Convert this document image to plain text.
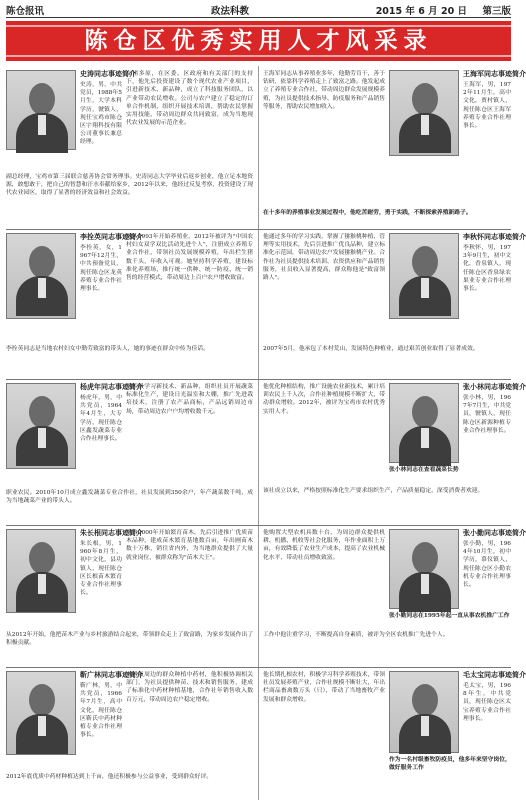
陈仓报讯	政法科教	2015 年 6 月 20 日 第三版
陈仓区优秀实用人才风采录
史涛同志事迹简介
史涛，男，中共党员，1988年5月生，大学本科学历，虢镇人，现任宝鸡市陈仓区宇翔科技有限公司董事长兼总经理。
交诸多原，在区委、区政府和有关部门的支持下，他先后投资建设了数个现代农业产业项目，引进新技术、新品种，成立了科技服务团队，以产业带动农民增收。公司与农户建立了稳定的订单合作机制，组织开展技术培训，帮助农民掌握实用技能，带动周边群众共同致富，成为当地现代农业发展的示范企业。
副总经理，宝鸡市第三届联合慈善协会常务理事。史涛同志大学毕业后返乡创业，他立足本地资源，敢想敢干，把自己的智慧和汗水奉献给家乡，2012年以来，他经过反复考察，投资建设了现代农业园区，取得了显著的经济效益和社会效益。
王海军同志从事养殖业多年，他勤劳肯干，善于钻研，依靠科学养殖走上了致富之路。他发起成立了养殖专业合作社，带动周边群众发展规模养殖，为社员提供技术指导、防疫服务和产品销售等服务，帮助农民增加收入。
王海军同志事迹简介
王海军，男，1972年11月生，高中文化，贾村镇人，现任陈仓区王海军养殖专业合作社理事长。
在十多年的养殖事业发展过程中，他吃苦耐劳，勇于实践，不断探索养殖新路子。
李拴英同志事迹简介
李拴英，女，1967年12月生，中共预备党员，现任陈仓区龙英养殖专业合作社理事长。
她从1993年开始养殖业，2012年被评为"中国农村妇女双学双比活动先进个人"，注册成立养殖专业合作社，带领社员发展规模养殖，年出栏生猪数千头，年收入可观。她坚持科学养殖，建设标准化养殖场，推行统一供种、统一防疫、统一销售的经营模式，带动周边上百户农户增收致富。
李拴英同志是当地农村妇女中勤劳致富的带头人，她的事迹在群众中传为佳话。
他通过多年的学习实践，掌握了猕猴桃种植、管理等实用技术，先后引进推广优良品种，建立标准化示范园，带动周边农户发展猕猴桃产业。合作社为社员提供技术培训、农资供应和产品销售服务，社员收入显著提高，群众称他是"致富领路人"。
李秋怀同志事迹简介
李秋怀，男，1973年9月生，初中文化，香泉镇人，现任陈仓区香泉绿农果业专业合作社理事长。
2007年5月，他承包了本村荒山，发展特色种植业，通过艰苦创业取得了显著成效。
杨虎年同志事迹简介
杨虎年，男，中共党员，1964年4月生，大专学历，现任陈仓区鑫发蔬菜专业合作社理事长。
他积极学习新技术、新品种，组织社员开展蔬菜标准化生产，建设日光温室和大棚，推广先进栽培技术，注册了农产品商标，产品远销周边市场，带动周边农户户均增收数千元。
职业农民。2010年10月成立鑫发蔬菜专业合作社，社员发展到350余户，年产蔬菜数千吨，成为当地蔬菜产业的带头人。
他优化种植结构，推广设施农业新技术，累计培训农民上千人次，合作社种植规模不断扩大，带动群众增收。2012年，被评为宝鸡市农村优秀实用人才。
张小林同志事迹简介
张小林，男，1967年7月生，中共党员，虢镇人，现任陈仓区新源种植专业合作社理事长。
张小林同志在查看蔬菜长势
该社成立以来，严格按照标准化生产要求组织生产，产品质量稳定，深受消费者欢迎。
朱长根同志事迹简介
朱长根，男，1960年8月生，初中文化，县功镇人，现任陈仓区长根苗木繁育专业合作社理事长。
他自2000年开始繁育苗木，先后引进推广优质苗木品种，建成苗木繁育基地数百亩，年出圃苗木数十万株，销往省内外，为当地群众提供了大量就业岗位，被群众称为"苗木大王"。
从2012年开始，他把苗木产业与乡村旅游结合起来，带领群众走上了致富路，为家乡发展作出了积极贡献。
他购置大型农机具数十台，为周边群众提供机耕、机播、机收等社会化服务，年作业面积上万亩，有效降低了农业生产成本，提高了农业机械化水平，带动社员增收致富。
张小勤同志事迹简介
张小勤，男，1964年10月生，初中学历，慕仪镇人，现任陈仓区小勤农机专业合作社理事长。
张小勤同志在1995年起一直从事农机推广工作
工作中他注重学习，不断提高自身素质，被评为全区农机推广先进个人。
靳广林同志事迹简介
靳广林，男，中共党员，1966年7月生，高中文化，现任陈仓区靳氏中药材种植专业合作社理事长。
本村及周边的群众种植中药材，他积极协调相关部门，为社员提供种苗、技术和销售服务，建成了标准化中药材种植基地，合作社年销售收入数百万元，带动周边农户稳定增收。
2012年底优质中药材种植达到上千亩，他还积极参与公益事业，受到群众好评。
他长期扎根农村，积极学习科学养殖技术，带领社员发展养殖产业，合作社规模不断壮大，年出栏商品畜禽数万头（只），带动了当地畜牧产业发展和群众增收。
毛太宝同志事迹简介
毛太宝，男，1968年生，中共党员，现任陈仓区太宝养殖专业合作社理事长。
作为一名村级畜牧防疫员，他多年来坚守岗位，做好服务工作
